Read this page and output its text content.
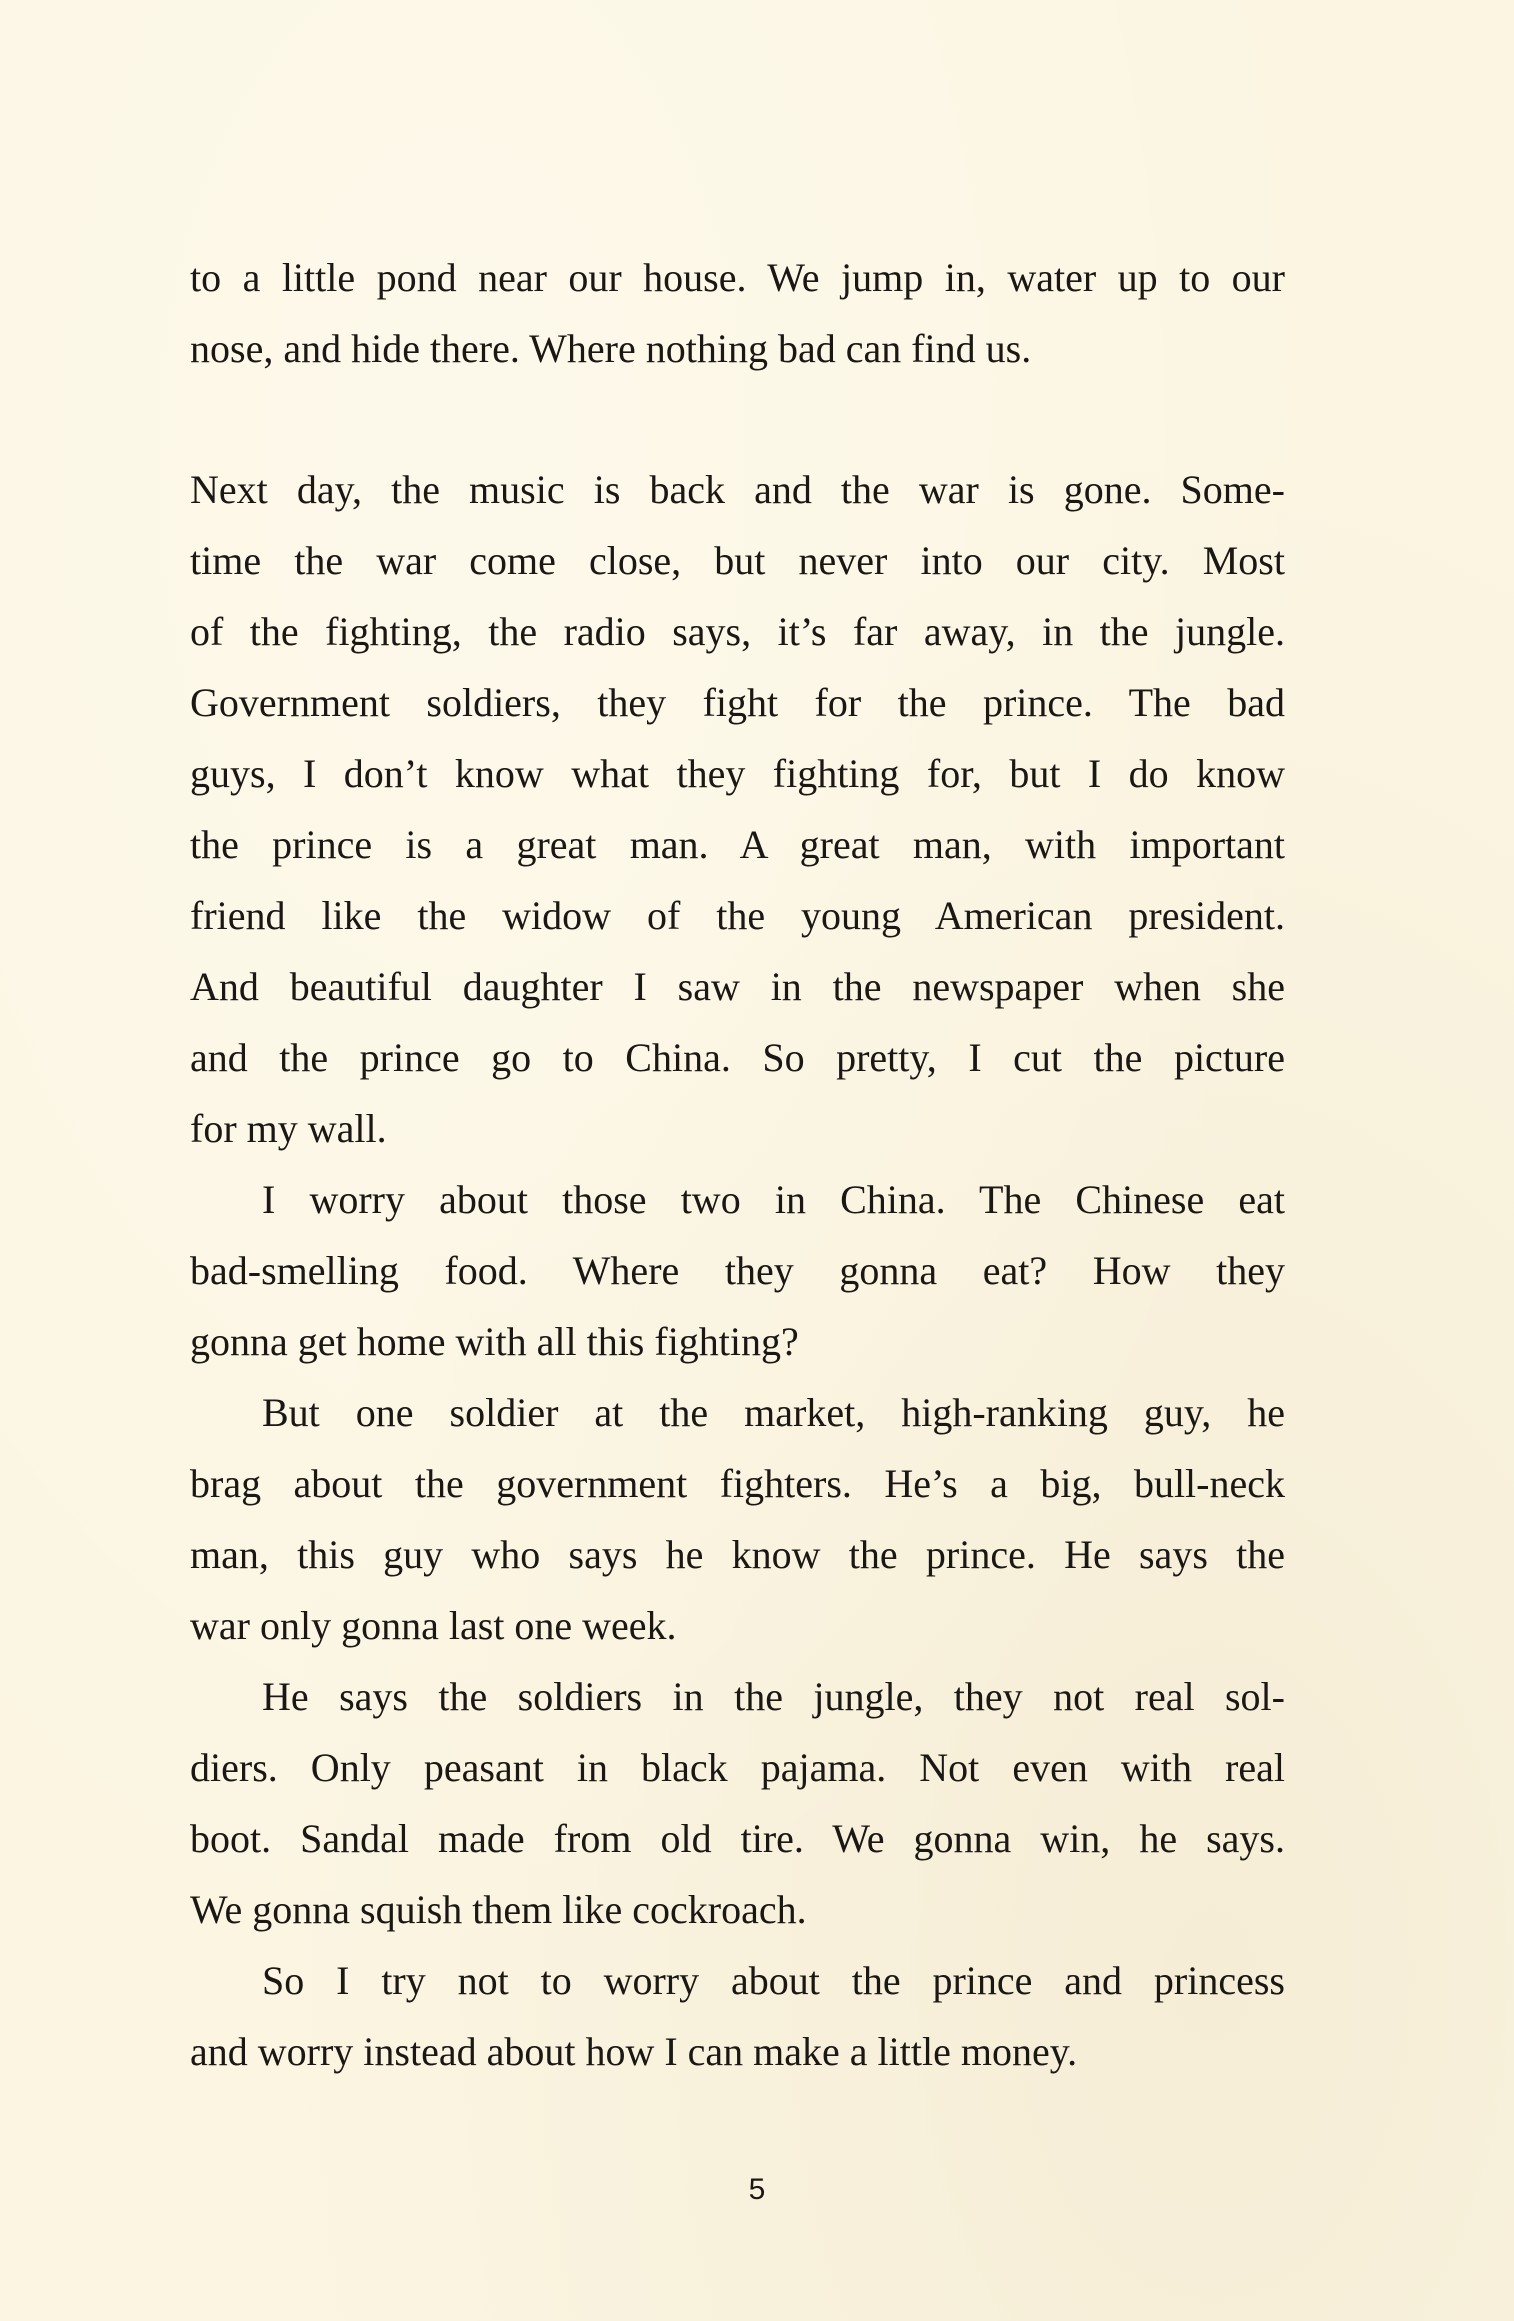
to a little pond near our house. We jump in, water up to our
nose, and hide there. Where nothing bad can find us.
Next day, the music is back and the war is gone. Some-
time the war come close, but never into our city. Most
of the fighting, the radio says, it’s far away, in the jungle.
Government soldiers, they fight for the prince. The bad
guys, I don’t know what they fighting for, but I do know
the prince is a great man. A great man, with important
friend like the widow of the young American president.
And beautiful daughter I saw in the newspaper when she
and the prince go to China. So pretty, I cut the picture
for my wall.
I worry about those two in China. The Chinese eat
bad-smelling food. Where they gonna eat? How they
gonna get home with all this fighting?
But one soldier at the market, high-ranking guy, he
brag about the government fighters. He’s a big, bull-neck
man, this guy who says he know the prince. He says the
war only gonna last one week.
He says the soldiers in the jungle, they not real sol-
diers. Only peasant in black pajama. Not even with real
boot. Sandal made from old tire. We gonna win, he says.
We gonna squish them like cockroach.
So I try not to worry about the prince and princess
and worry instead about how I can make a little money.
5
